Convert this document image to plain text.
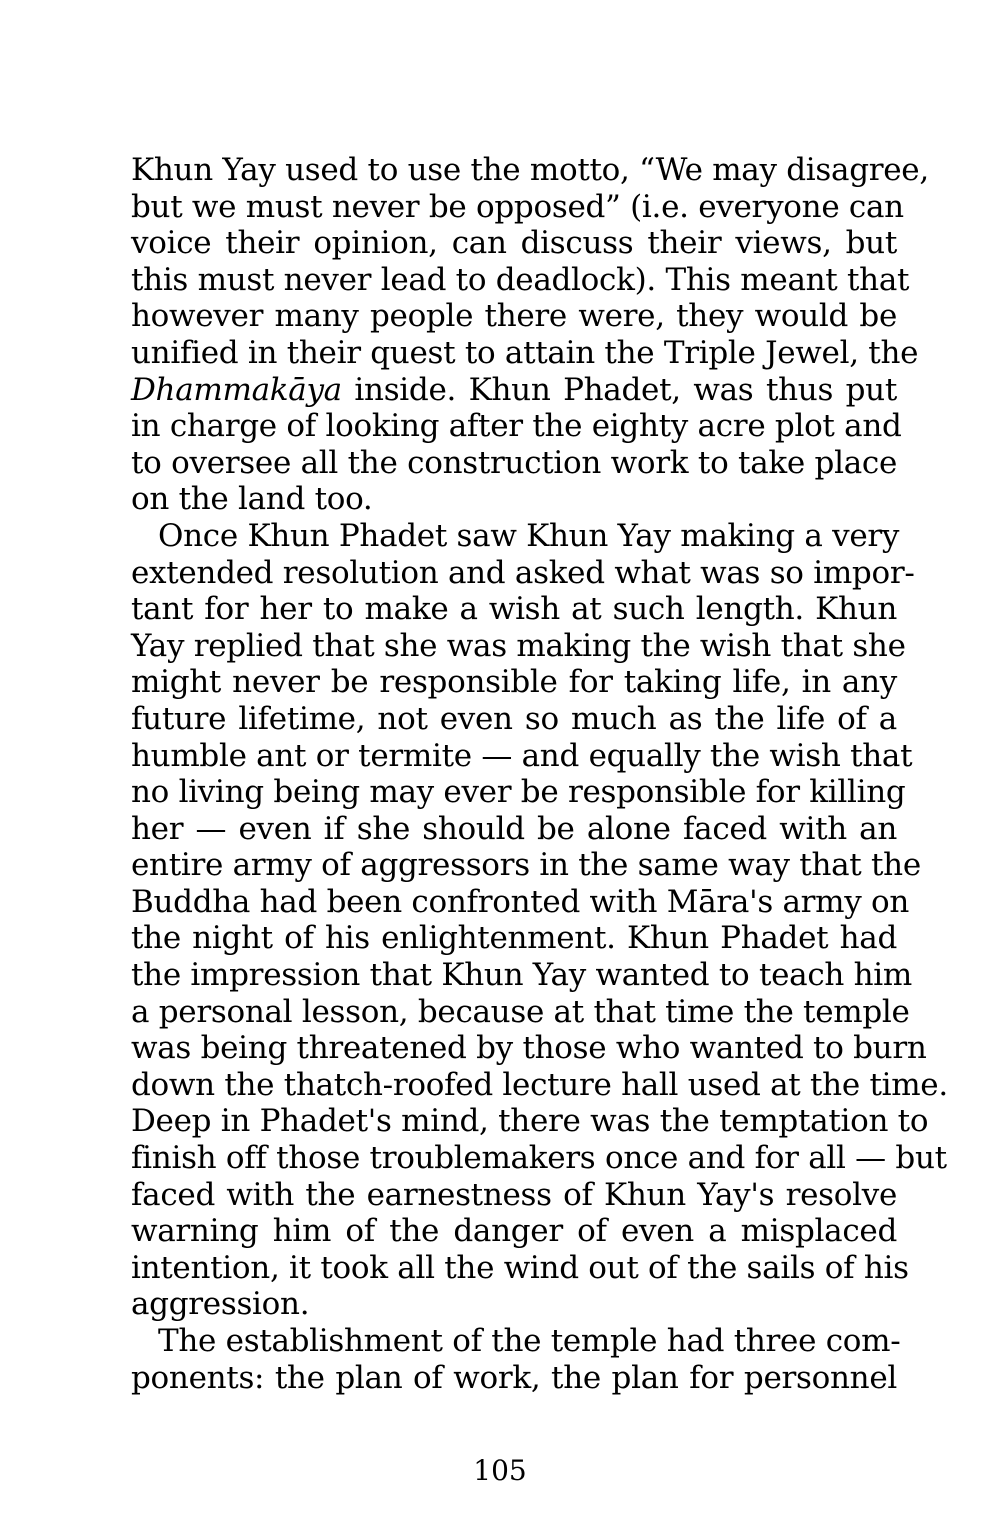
Khun Yay used to use the motto, “We may disagree,
but we must never be opposed” (i.e. everyone can
voice their opinion, can discuss their views, but
this must never lead to deadlock). This meant that
however many people there were, they would be
unified in their quest to attain the Triple Jewel, the
Dhammakāya inside. Khun Phadet, was thus put
in charge of looking after the eighty acre plot and
to oversee all the construction work to take place
on the land too.
Once Khun Phadet saw Khun Yay making a very
extended resolution and asked what was so impor-
tant for her to make a wish at such length. Khun
Yay replied that she was making the wish that she
might never be responsible for taking life, in any
future lifetime, not even so much as the life of a
humble ant or termite — and equally the wish that
no living being may ever be responsible for killing
her — even if she should be alone faced with an
entire army of aggressors in the same way that the
Buddha had been confronted with Māra's army on
the night of his enlightenment. Khun Phadet had
the impression that Khun Yay wanted to teach him
a personal lesson, because at that time the temple
was being threatened by those who wanted to burn
down the thatch-roofed lecture hall used at the time.
Deep in Phadet's mind, there was the temptation to
finish off those troublemakers once and for all — but
faced with the earnestness of Khun Yay's resolve
warning him of the danger of even a misplaced
intention, it took all the wind out of the sails of his
aggression.
The establishment of the temple had three com-
ponents: the plan of work, the plan for personnel
105
